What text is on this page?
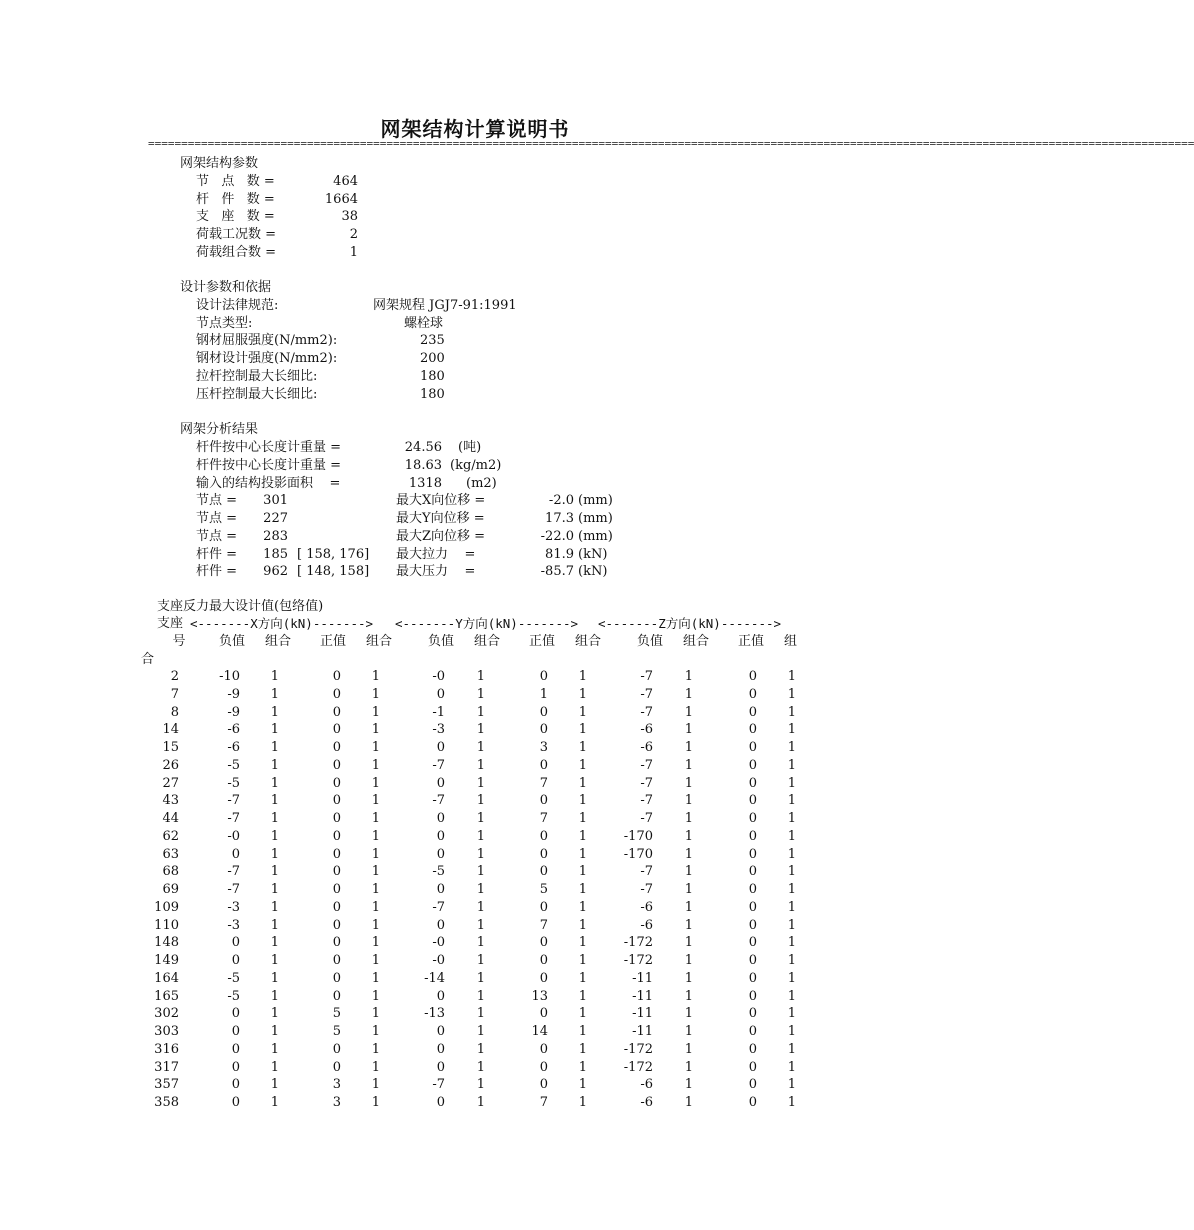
网架结构计算说明书
==============================================================================================================================================================
网架结构参数
节   点   数 =	464
杆   件   数 =	1664
支   座   数 =	38
荷载工况数 =	2
荷载组合数 =	1
设计参数和依据
设计法律规范:	网架规程 JGJ7-91:1991
节点类型:	螺栓球
钢材屈服强度(N/mm2):	235
钢材设计强度(N/mm2):	200
拉杆控制最大长细比:	180
压杆控制最大长细比:	180
网架分析结果
杆件按中心长度计重量 =	24.56 (吨)
杆件按中心长度计重量 =	18.63 (kg/m2)
输入的结构投影面积    =	1318 (m2)
节点 =	301	最大X向位移 =	-2.0 (mm)
节点 =	227	最大Y向位移 =	17.3 (mm)
节点 =	283	最大Z向位移 =	-22.0 (mm)
杆件 =	185 [ 158, 176] 最大拉力    =	81.9 (kN)
杆件 =	962 [ 148, 158] 最大压力    =	-85.7 (kN)
支座反力最大设计值(包络值)
支座 <-------X方向(kN)-------> <-------Y方向(kN)-------> <-------Z方向(kN)------->
号	负值 组合 正值 组合	负值 组合 正值 组合	负值 组合 正值 组
合
2	-10	1	0	1	-0	1	0	1	-7	1	0	1
7	-9	1	0	1	0	1	1	1	-7	1	0	1
8	-9	1	0	1	-1	1	0	1	-7	1	0	1
14	-6	1	0	1	-3	1	0	1	-6	1	0	1
15	-6	1	0	1	0	1	3	1	-6	1	0	1
26	-5	1	0	1	-7	1	0	1	-7	1	0	1
27	-5	1	0	1	0	1	7	1	-7	1	0	1
43	-7	1	0	1	-7	1	0	1	-7	1	0	1
44	-7	1	0	1	0	1	7	1	-7	1	0	1
62	-0	1	0	1	0	1	0	1	-170	1	0	1
63	0	1	0	1	0	1	0	1	-170	1	0	1
68	-7	1	0	1	-5	1	0	1	-7	1	0	1
69	-7	1	0	1	0	1	5	1	-7	1	0	1
109	-3	1	0	1	-7	1	0	1	-6	1	0	1
110	-3	1	0	1	0	1	7	1	-6	1	0	1
148	0	1	0	1	-0	1	0	1	-172	1	0	1
149	0	1	0	1	-0	1	0	1	-172	1	0	1
164	-5	1	0	1	-14	1	0	1	-11	1	0	1
165	-5	1	0	1	0	1	13	1	-11	1	0	1
302	0	1	5	1	-13	1	0	1	-11	1	0	1
303	0	1	5	1	0	1	14	1	-11	1	0	1
316	0	1	0	1	0	1	0	1	-172	1	0	1
317	0	1	0	1	0	1	0	1	-172	1	0	1
357	0	1	3	1	-7	1	0	1	-6	1	0	1
358	0	1	3	1	0	1	7	1	-6	1	0	1
